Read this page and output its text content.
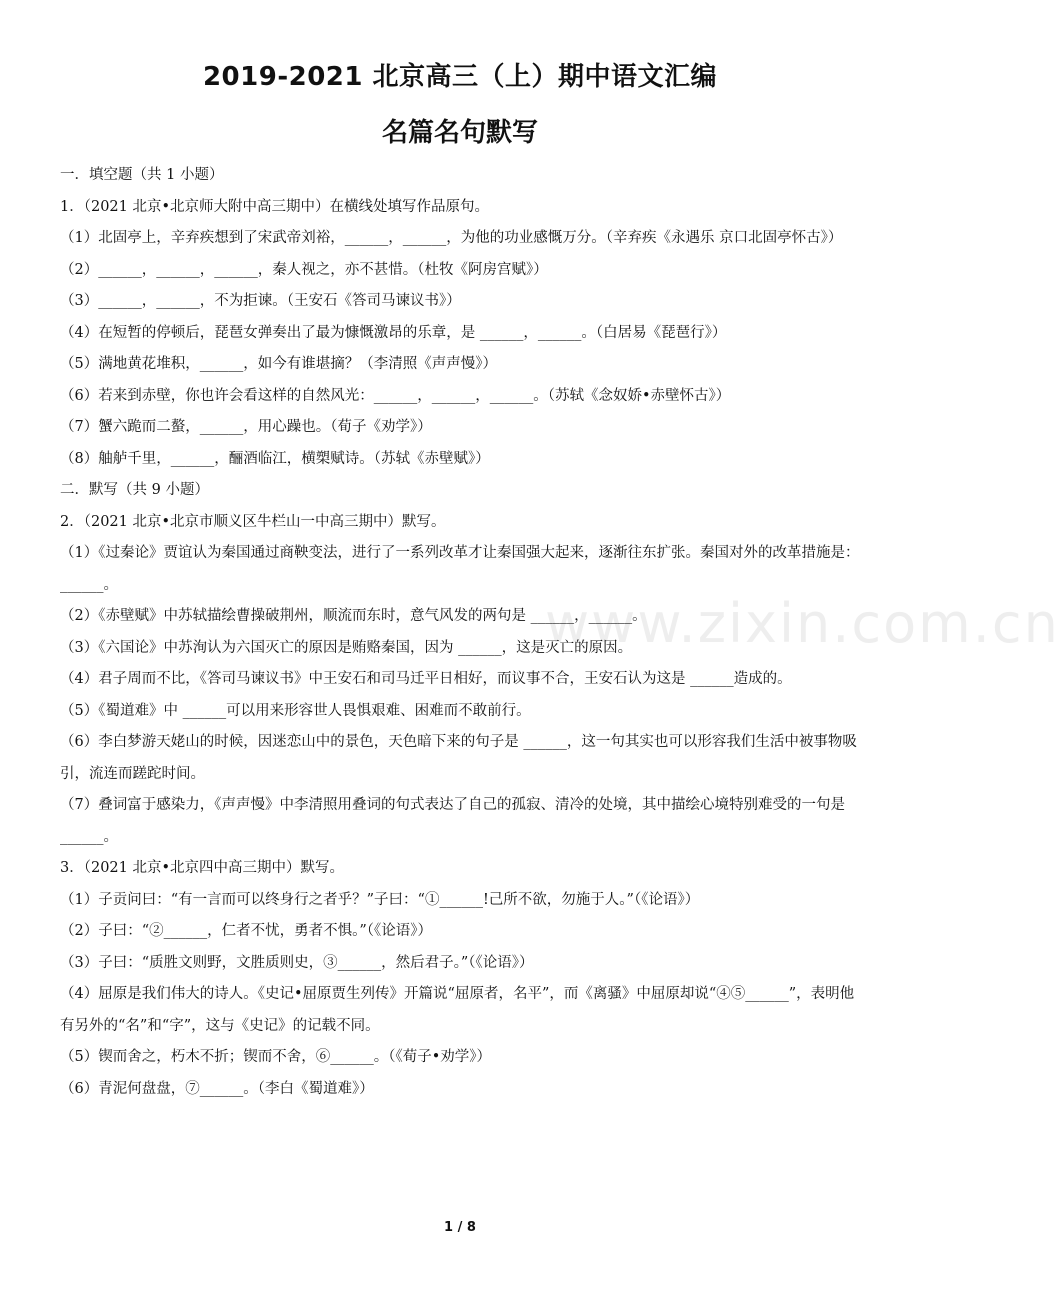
2019-2021 北京高三（上）期中语文汇编
名篇名句默写
www.zixin.com.cn
一．填空题（共 1 小题）
1．（2021 北京•北京师大附中高三期中）在横线处填写作品原句。
（1）北固亭上，辛弃疾想到了宋武帝刘裕，______，______，为他的功业感慨万分。（辛弃疾《永遇乐 京口北固亭怀古》）
（2）______，______，______，秦人视之，亦不甚惜。（杜牧《阿房宫赋》）
（3）______，______，不为拒谏。（王安石《答司马谏议书》）
（4）在短暂的停顿后，琵琶女弹奏出了最为慷慨激昂的乐章，是 ______，______。（白居易《琵琶行》）
（5）满地黄花堆积，______，如今有谁堪摘？（李清照《声声慢》）
（6）若来到赤壁，你也许会看这样的自然风光：______，______，______。（苏轼《念奴娇•赤壁怀古》）
（7）蟹六跪而二螯，______，用心躁也。（荀子《劝学》）
（8）舳舻千里，______，酾酒临江，横槊赋诗。（苏轼《赤壁赋》）
二．默写（共 9 小题）
2．（2021 北京•北京市顺义区牛栏山一中高三期中）默写。
（1）《过秦论》贾谊认为秦国通过商鞅变法，进行了一系列改革才让秦国强大起来，逐渐往东扩张。秦国对外的改革措施是：______。
（2）《赤壁赋》中苏轼描绘曹操破荆州，顺流而东时，意气风发的两句是 ______，______。
（3）《六国论》中苏洵认为六国灭亡的原因是贿赂秦国，因为 ______，这是灭亡的原因。
（4）君子周而不比，《答司马谏议书》中王安石和司马迁平日相好，而议事不合，王安石认为这是 ______造成的。
（5）《蜀道难》中 ______可以用来形容世人畏惧艰难、困难而不敢前行。
（6）李白梦游天姥山的时候，因迷恋山中的景色，天色暗下来的句子是 ______，这一句其实也可以形容我们生活中被事物吸引，流连而蹉跎时间。
（7）叠词富于感染力，《声声慢》中李清照用叠词的句式表达了自己的孤寂、清冷的处境，其中描绘心境特别难受的一句是 ______。
3．（2021 北京•北京四中高三期中）默写。
（1）子贡问曰：“有一言而可以终身行之者乎？”子曰：“①______!己所不欲，勿施于人。”（《论语》）
（2）子曰：“②______，仁者不忧，勇者不惧。”（《论语》）
（3）子曰：“质胜文则野，文胜质则史，③______，然后君子。”（《论语》）
（4）屈原是我们伟大的诗人。《史记•屈原贾生列传》开篇说“屈原者，名平”，而《离骚》中屈原却说“④⑤______”，表明他有另外的“名”和“字”，这与《史记》的记载不同。
（5）锲而舍之，朽木不折；锲而不舍，⑥______。（《荀子•劝学》）
（6）青泥何盘盘，⑦______。（李白《蜀道难》）
1 / 8
